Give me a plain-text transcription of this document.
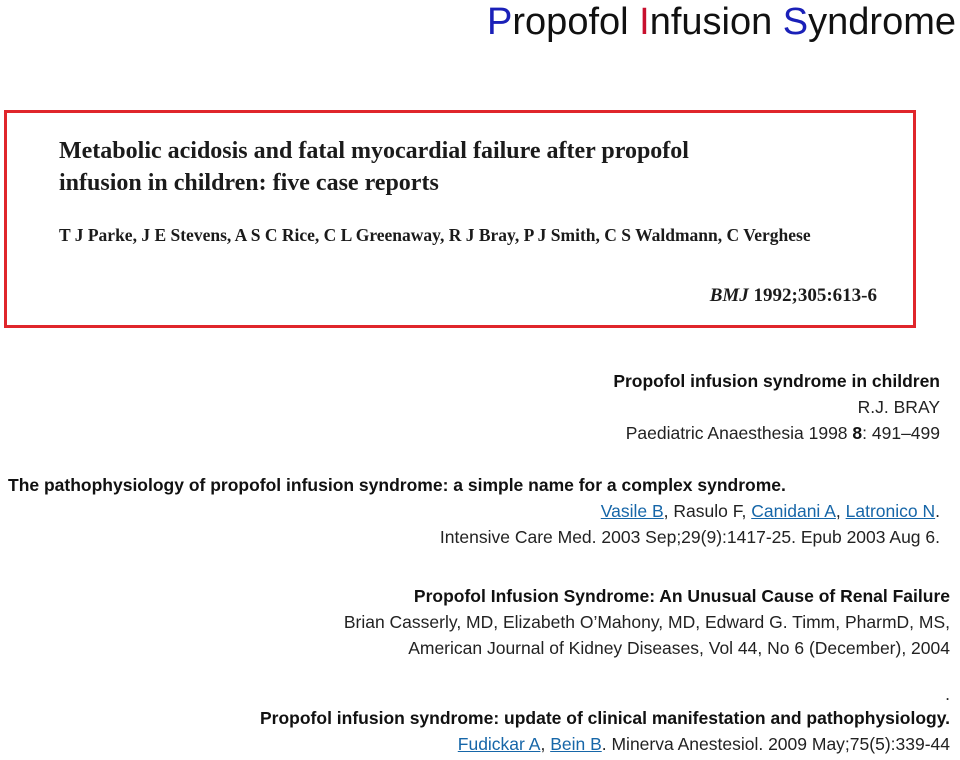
Propofol Infusion Syndrome
Metabolic acidosis and fatal myocardial failure after propofol
infusion in children: five case reports
T J Parke, J E Stevens, A S C Rice, C L Greenaway, R J Bray, P J Smith, C S Waldmann, C Verghese
BMJ 1992;305:613-6
Propofol infusion syndrome in children
R.J. BRAY
Paediatric Anaesthesia 1998 8: 491–499
The pathophysiology of propofol infusion syndrome: a simple name for a complex syndrome.
Vasile B, Rasulo F, Canidani A, Latronico N.
Intensive Care Med. 2003 Sep;29(9):1417-25. Epub 2003 Aug 6.
Propofol Infusion Syndrome: An Unusual Cause of Renal Failure
Brian Casserly, MD, Elizabeth O’Mahony, MD, Edward G. Timm, PharmD, MS,
American Journal of Kidney Diseases, Vol 44, No 6 (December), 2004
.
Propofol infusion syndrome: update of clinical manifestation and pathophysiology.
Fudickar A, Bein B. Minerva Anestesiol. 2009 May;75(5):339-44
